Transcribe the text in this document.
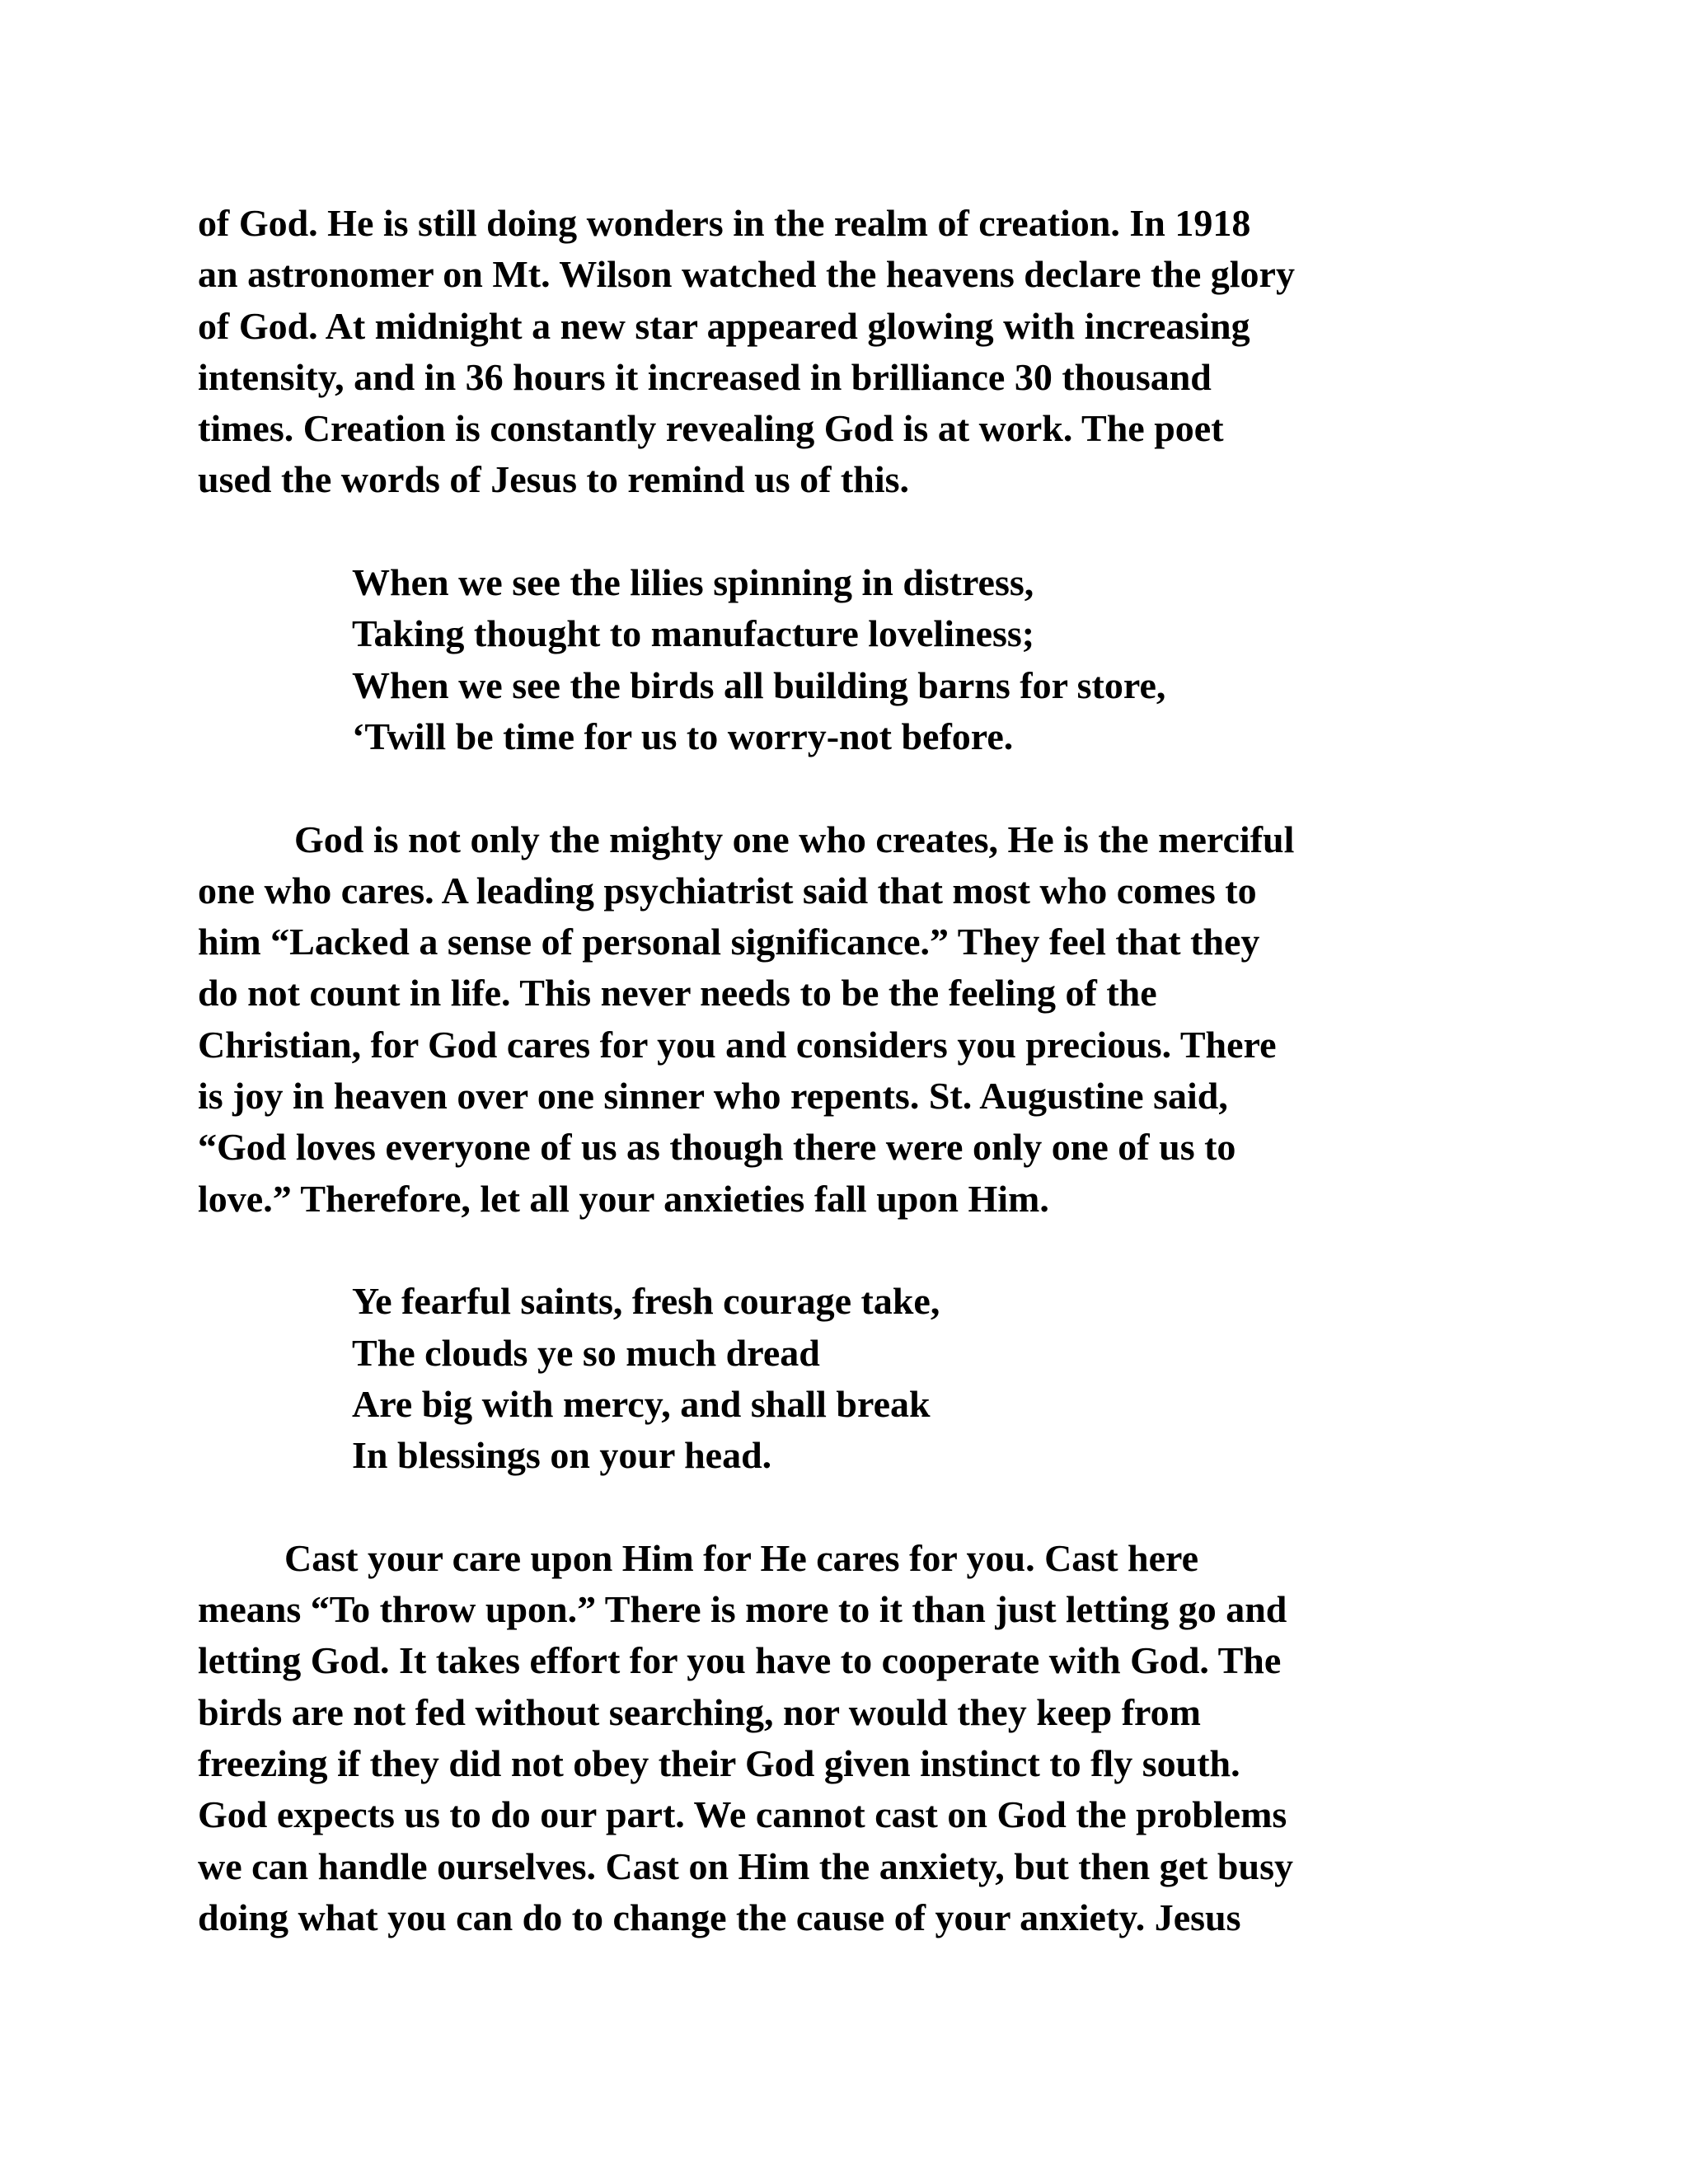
of God. He is still doing wonders in the realm of creation. In 1918
an astronomer on Mt. Wilson watched the heavens declare the glory
of God. At midnight a new star appeared glowing with increasing
intensity, and in 36 hours it increased in brilliance 30 thousand
times. Creation is constantly revealing God is at work. The poet
used the words of Jesus to remind us of this.
When we see the lilies spinning in distress,
Taking thought to manufacture loveliness;
When we see the birds all building barns for store,
‘Twill be time for us to worry-not before.
God is not only the mighty one who creates, He is the merciful
one who cares. A leading psychiatrist said that most who comes to
him “Lacked a sense of personal significance.” They feel that they
do not count in life. This never needs to be the feeling of the
Christian, for God cares for you and considers you precious. There
is joy in heaven over one sinner who repents. St. Augustine said,
“God loves everyone of us as though there were only one of us to
love.” Therefore, let all your anxieties fall upon Him.
Ye fearful saints, fresh courage take,
The clouds ye so much dread
Are big with mercy, and shall break
In blessings on your head.
Cast your care upon Him for He cares for you. Cast here
means “To throw upon.” There is more to it than just letting go and
letting God. It takes effort for you have to cooperate with God. The
birds are not fed without searching, nor would they keep from
freezing if they did not obey their God given instinct to fly south.
God expects us to do our part. We cannot cast on God the problems
we can handle ourselves. Cast on Him the anxiety, but then get busy
doing what you can do to change the cause of your anxiety. Jesus
